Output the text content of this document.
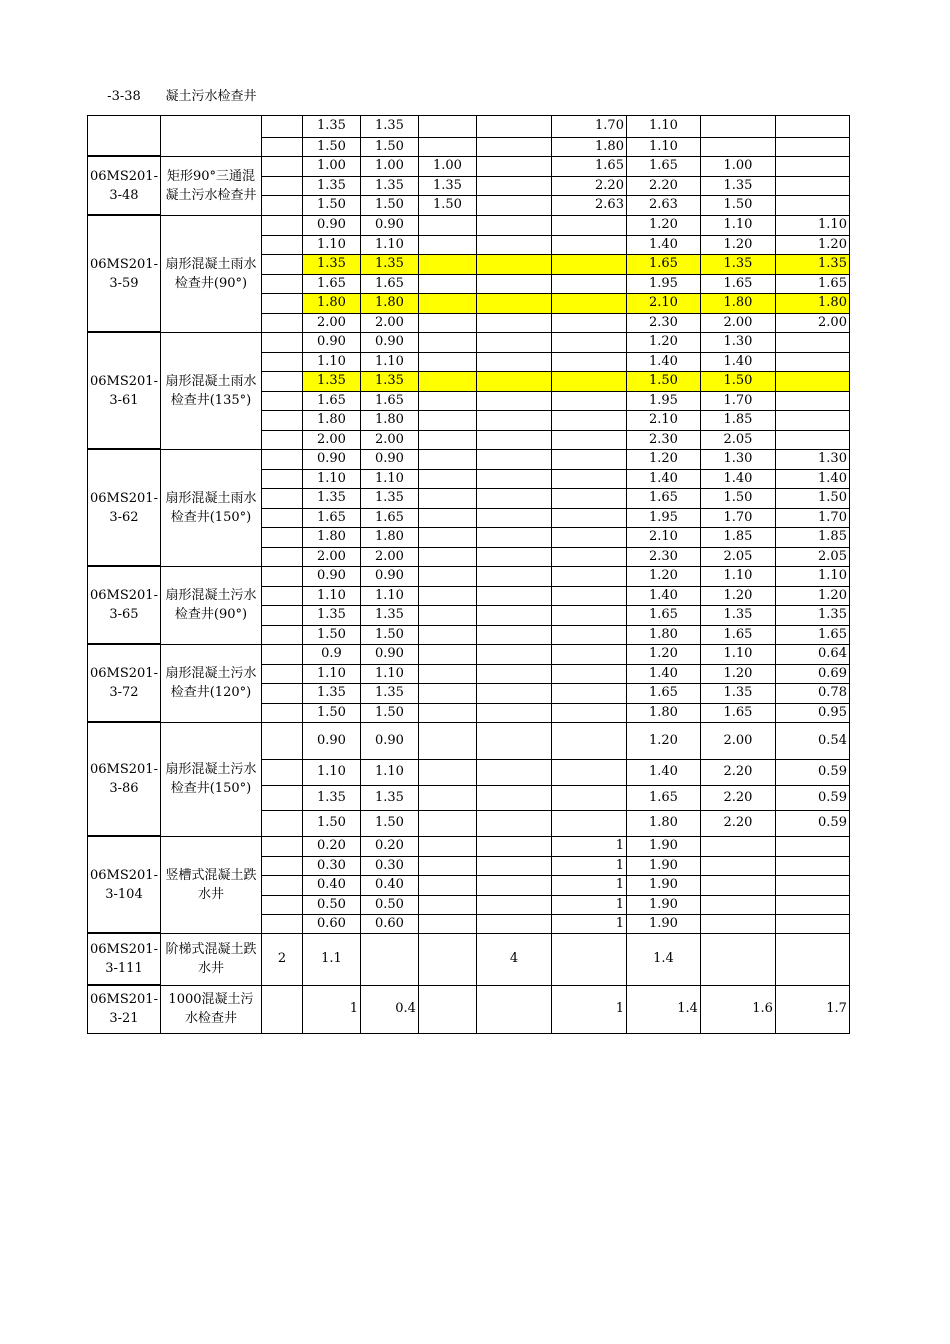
-3-38	凝土污水检查井									
			1.35	1.35			1.70	1.10		
			1.50	1.50			1.80	1.10		
06MS201-3-48	矩形90°三通混凝土污水检查井		1.00	1.00	1.00		1.65	1.65	1.00	
			1.35	1.35	1.35		2.20	2.20	1.35	
			1.50	1.50	1.50		2.63	2.63	1.50	
06MS201-3-59	扇形混凝土雨水检查井(90°)		0.90	0.90				1.20	1.10	1.10
			1.10	1.10				1.40	1.20	1.20
			1.35	1.35				1.65	1.35	1.35
			1.65	1.65				1.95	1.65	1.65
			1.80	1.80				2.10	1.80	1.80
			2.00	2.00				2.30	2.00	2.00
06MS201-3-61	扇形混凝土雨水检查井(135°)		0.90	0.90				1.20	1.30	
			1.10	1.10				1.40	1.40	
			1.35	1.35				1.50	1.50	
			1.65	1.65				1.95	1.70	
			1.80	1.80				2.10	1.85	
			2.00	2.00				2.30	2.05	
06MS201-3-62	扇形混凝土雨水检查井(150°)		0.90	0.90				1.20	1.30	1.30
			1.10	1.10				1.40	1.40	1.40
			1.35	1.35				1.65	1.50	1.50
			1.65	1.65				1.95	1.70	1.70
			1.80	1.80				2.10	1.85	1.85
			2.00	2.00				2.30	2.05	2.05
06MS201-3-65	扇形混凝土污水检查井(90°)		0.90	0.90				1.20	1.10	1.10
			1.10	1.10				1.40	1.20	1.20
			1.35	1.35				1.65	1.35	1.35
			1.50	1.50				1.80	1.65	1.65
06MS201-3-72	扇形混凝土污水检查井(120°)		0.9	0.90				1.20	1.10	0.64
			1.10	1.10				1.40	1.20	0.69
			1.35	1.35				1.65	1.35	0.78
			1.50	1.50				1.80	1.65	0.95
06MS201-3-86	扇形混凝土污水检查井(150°)		0.90	0.90				1.20	2.00	0.54
			1.10	1.10				1.40	2.20	0.59
			1.35	1.35				1.65	2.20	0.59
			1.50	1.50				1.80	2.20	0.59
06MS201-3-104	竖槽式混凝土跌水井		0.20	0.20			1	1.90		
			0.30	0.30			1	1.90		
			0.40	0.40			1	1.90		
			0.50	0.50			1	1.90		
			0.60	0.60			1	1.90		
06MS201-3-111	阶梯式混凝土跌水井	2	1.1			4		1.4		
06MS201-3-21	1000混凝土污水检查井		1	0.4			1	1.4	1.6	1.7
